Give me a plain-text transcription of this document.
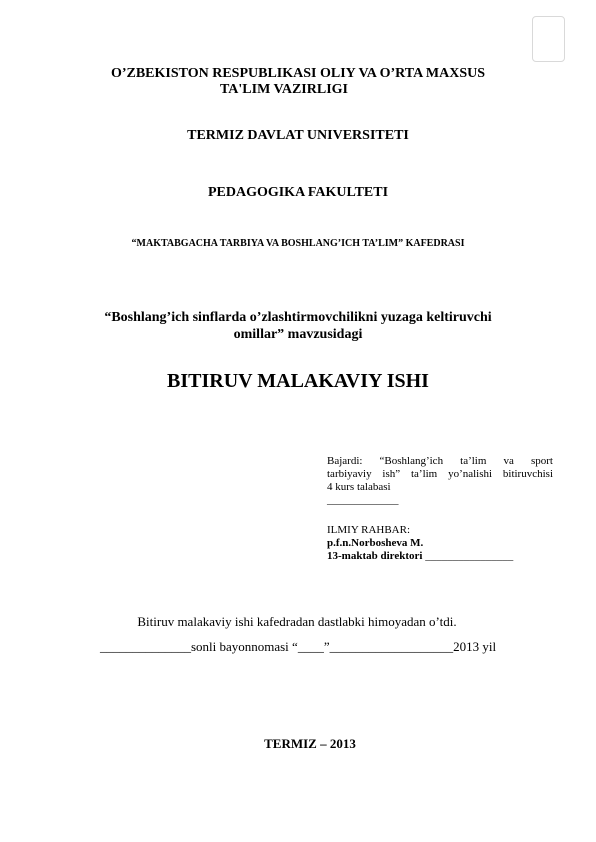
O’ZBEKISTON RESPUBLIKASI OLIY VA O’RTA MAXSUS
TA'LIM VAZIRLIGI
TERMIZ DAVLAT UNIVERSITETI
PEDAGOGIKA FAKULTETI
“MAKTABGACHA TARBIYA VA BOSHLANG’ICH TA’LIM” KAFEDRASI
“Boshlang’ich sinflarda o’zlashtirmovchilikni yuzaga keltiruvchi
omillar” mavzusidagi
BITIRUV MALAKAVIY ISHI
Bajardi: “Boshlang’ich ta’lim va sport
tarbiyaviy ish” ta’lim yo’nalishi bitiruvchisi
4 kurs talabasi
_____________
ILMIY RAHBAR:
p.f.n.Norbosheva M.
13-maktab direktori ________________
Bitiruv malakaviy ishi kafedradan dastlabki himoyadan o’tdi.
______________sonli bayonnomasi “____”___________________2013 yil
TERMIZ – 2013
